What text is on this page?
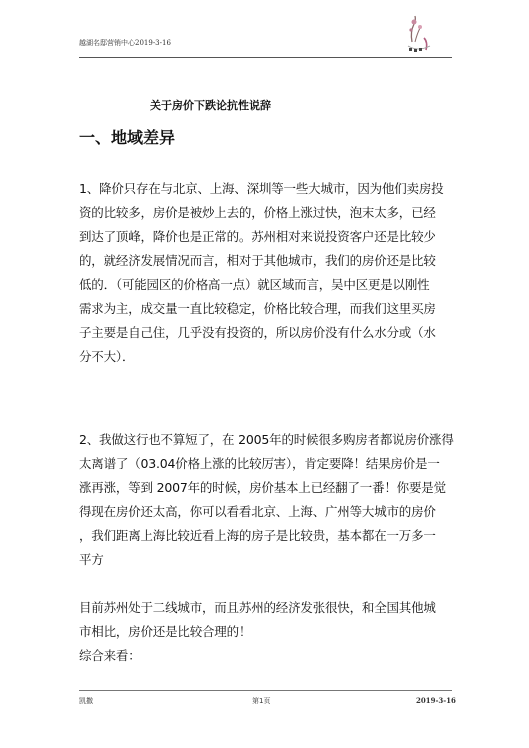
越湖名邸营销中心2019-3-16
关于房价下跌论抗性说辞
一、地域差异

1、降价只存在与北京、上海、深圳等一些大城市，因为他们卖房投
资的比较多，房价是被炒上去的，价格上涨过快，泡末太多，已经
到达了顶峰，降价也是正常的。苏州相对来说投资客户还是比较少
的，就经济发展情况而言，相对于其他城市，我们的房价还是比较
低的．（可能园区的价格高一点）就区域而言，吴中区更是以刚性
需求为主，成交量一直比较稳定，价格比较合理，而我们这里买房
子主要是自己住，几乎没有投资的，所以房价没有什么水分或（水
分不大）．

2、我做这行也不算短了，在 2005年的时候很多购房者都说房价涨得
太离谱了（03.04价格上涨的比较厉害），肯定要降！结果房价是一
涨再涨，等到 2007年的时候，房价基本上已经翻了一番！你要是觉
得现在房价还太高，你可以看看北京、上海、广州等大城市的房价
，我们距离上海比较近看上海的房子是比较贵，基本都在一万多一
平方

目前苏州处于二线城市，而且苏州的经济发张很快，和全国其他城
市相比，房价还是比较合理的！

综合来看：

凯撒	第1页	2019-3-16
